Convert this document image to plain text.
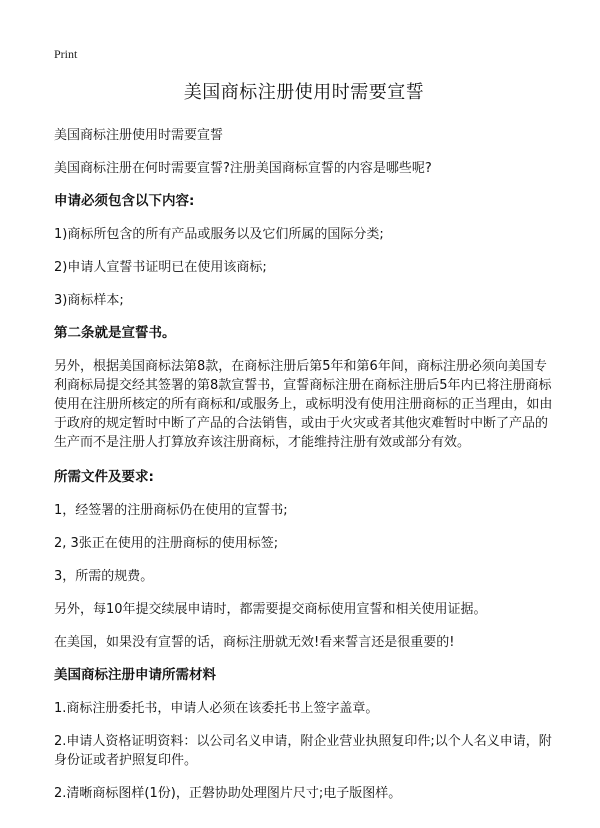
Print
美国商标注册使用时需要宣誓

美国商标注册使用时需要宣誓

美国商标注册在何时需要宣誓?注册美国商标宣誓的内容是哪些呢?

申请必须包含以下内容:

1)商标所包含的所有产品或服务以及它们所属的国际分类;

2)申请人宣誓书证明已在使用该商标;

3)商标样本;

第二条就是宣誓书。

另外，根据美国商标法第8款，在商标注册后第5年和第6年间，商标注册必须向美国专利商标局提交经其签署的第8款宣誓书，宣誓商标注册在商标注册后5年内已将注册商标使用在注册所核定的所有商标和/或服务上，或标明没有使用注册商标的正当理由，如由于政府的规定暂时中断了产品的合法销售，或由于火灾或者其他灾难暂时中断了产品的生产而不是注册人打算放弃该注册商标，才能维持注册有效或部分有效。

所需文件及要求:

1，经签署的注册商标仍在使用的宣誓书;

2, 3张正在使用的注册商标的使用标签;

3，所需的规费。

另外，每10年提交续展申请时，都需要提交商标使用宣誓和相关使用证据。

在美国，如果没有宣誓的话，商标注册就无效!看来誓言还是很重要的!

美国商标注册申请所需材料

1.商标注册委托书，申请人必须在该委托书上签字盖章。

2.申请人资格证明资料：以公司名义申请，附企业营业执照复印件;以个人名义申请，附身份证或者护照复印件。

2.清晰商标图样(1份)，正磐协助处理图片尺寸;电子版图样。
